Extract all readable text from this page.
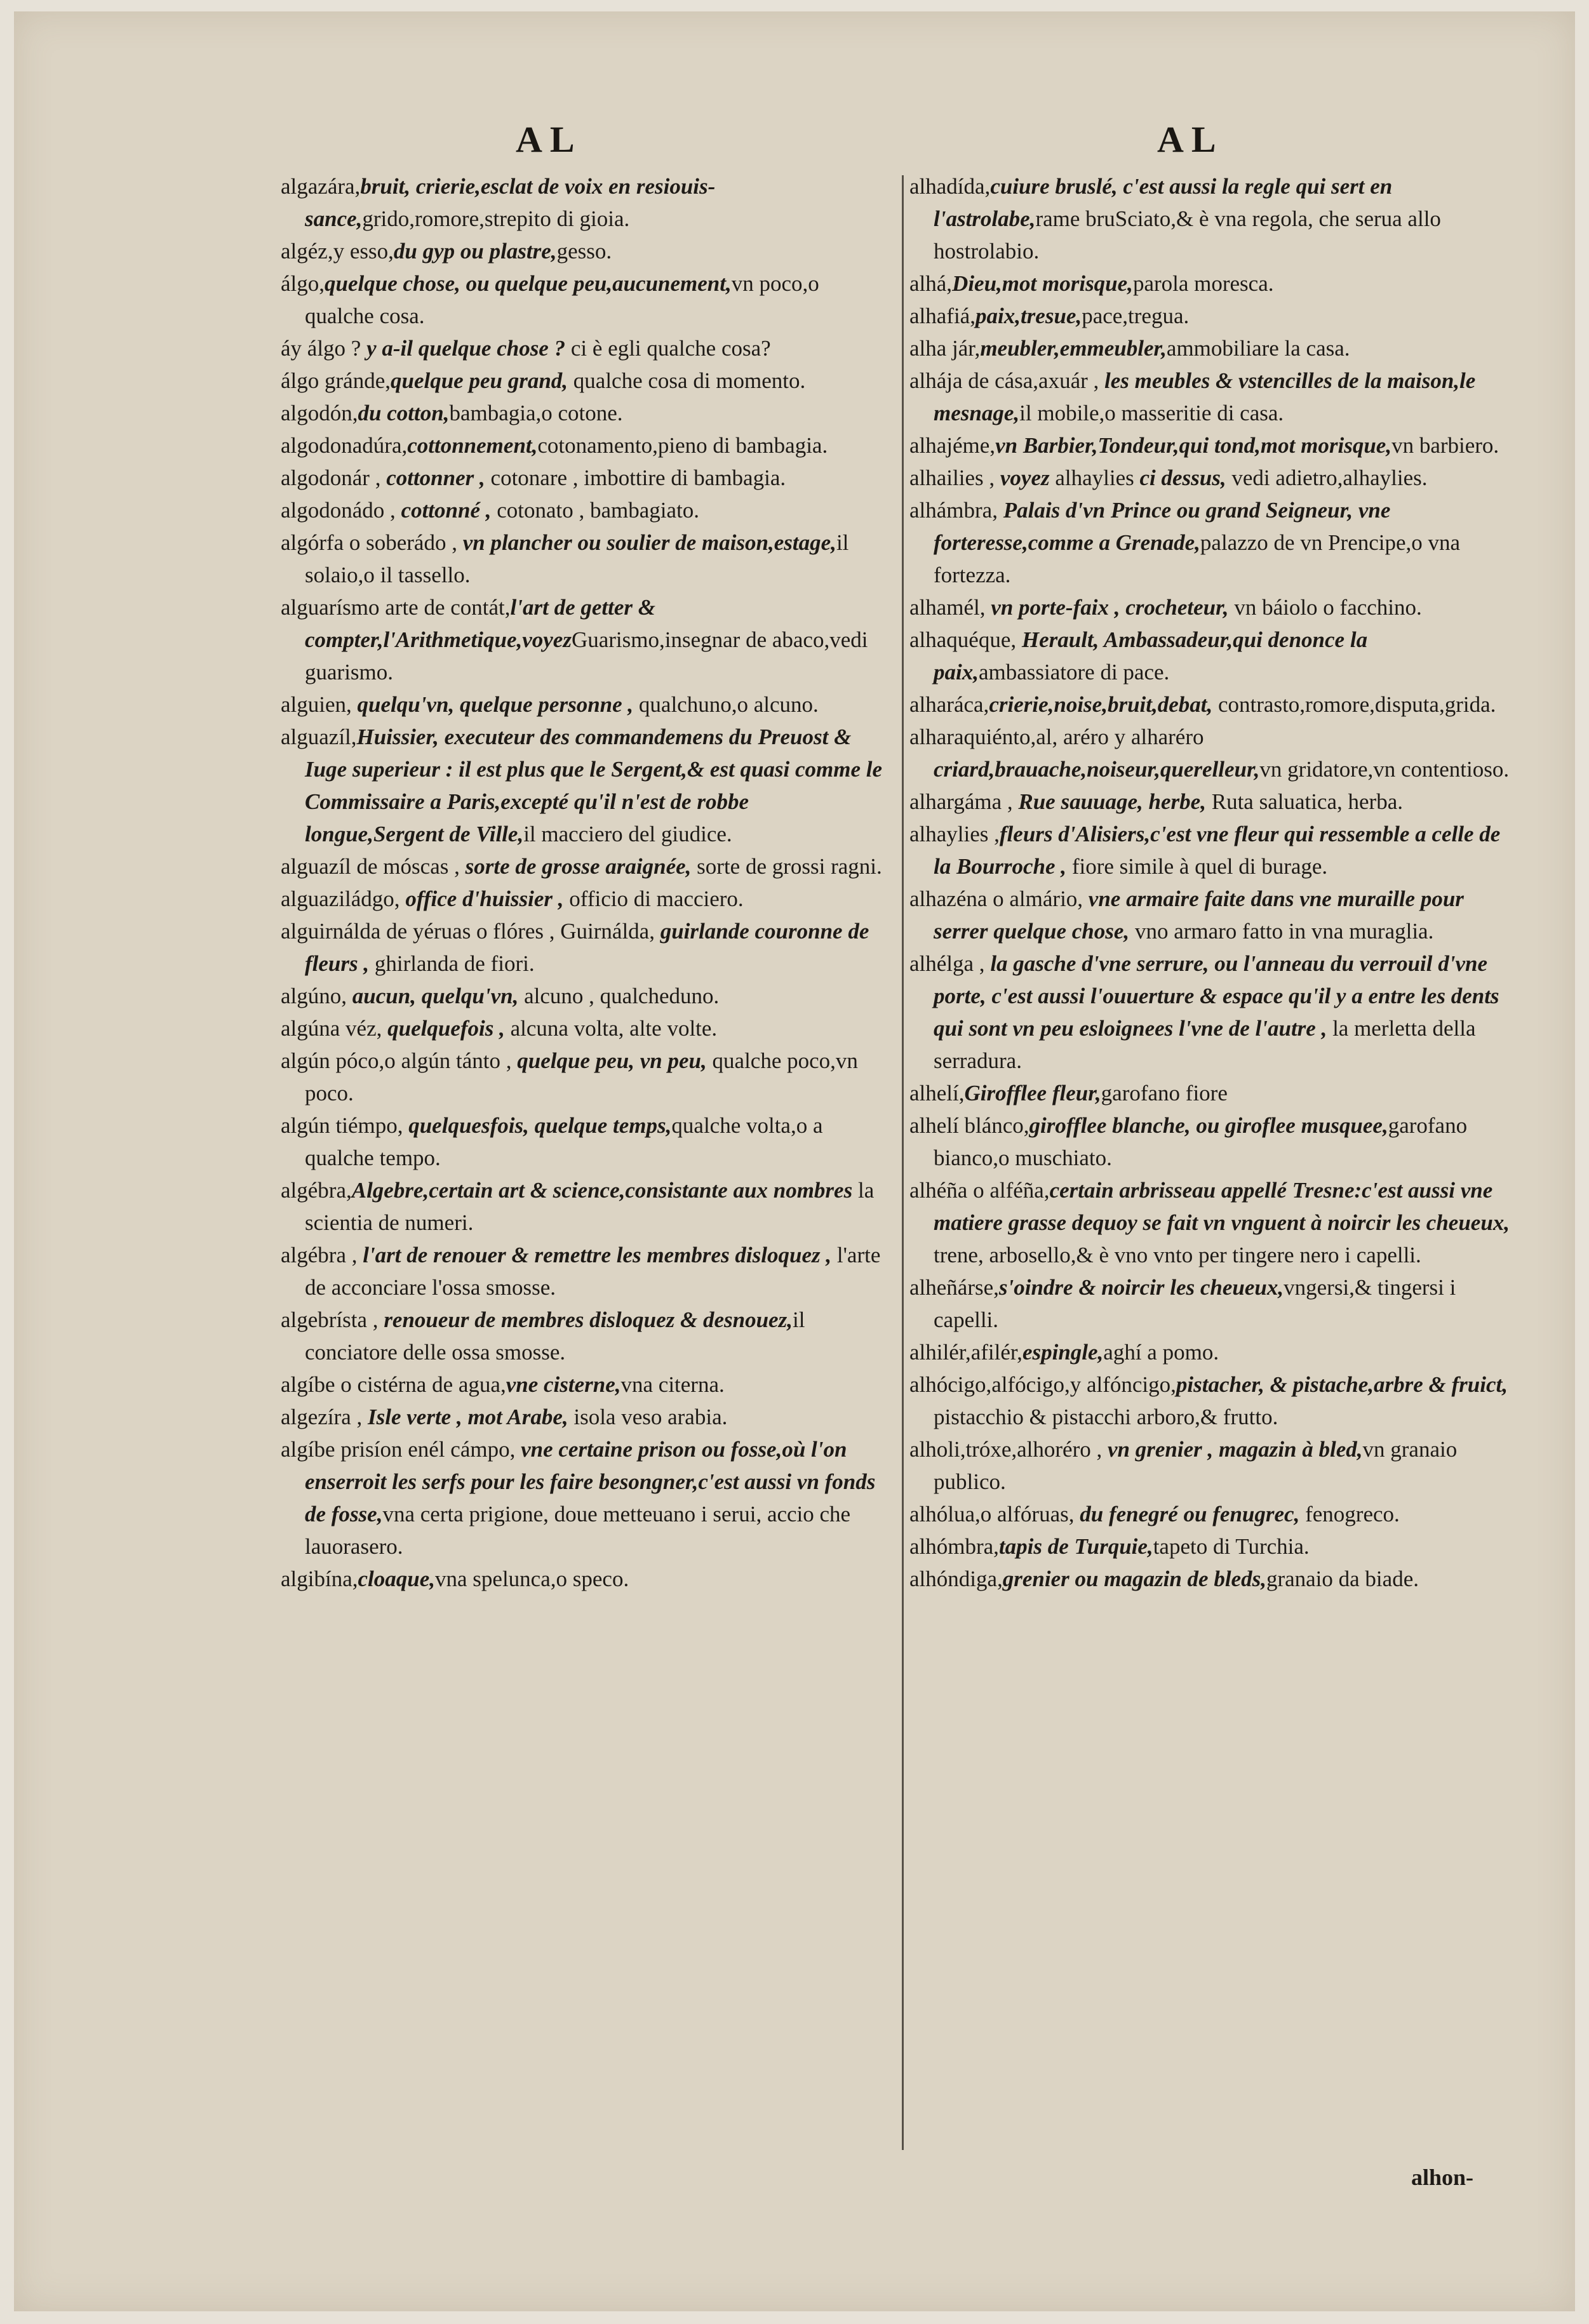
AL	AL

algazára,bruit, crierie,esclat de voix en resiouis-sance,grido,romore,strepito di gioia.

algéz,y esso,du gyp ou plastre,gesso.

álgo,quelque chose, ou quelque peu,aucunement,vn poco,o qualche cosa.

áy álgo ? y a-il quelque chose ? ci è egli qualche cosa?

álgo gránde,quelque peu grand, qualche cosa di momento.

algodón,du cotton,bambagia,o cotone.

algodonadúra,cottonnement,cotonamento,pieno di bambagia.

algodonár , cottonner , cotonare , imbottire di bambagia.

algodonádo , cottonné , cotonato , bambagiato.

algórfa o soberádo , vn plancher ou soulier de maison,estage,il solaio,o il tassello.

alguarísmo arte de contát,l'art de getter & compter,l'Arithmetique,voyezGuarismo,insegnar de abaco,vedi guarismo.

alguien, quelqu'vn, quelque personne , qualchuno,o alcuno.

alguazíl,Huissier, executeur des commandemens du Preuost & Iuge superieur : il est plus que le Sergent,& est quasi comme le Commissaire a Paris,excepté qu'il n'est de robbe longue,Sergent de Ville,il macciero del giudice.

alguazíl de móscas , sorte de grosse araignée, sorte de grossi ragni.

alguaziládgo, office d'huissier , officio di macciero.

alguirnálda de yéruas o flóres , Guirnálda, guirlande couronne de fleurs , ghirlanda de fiori.

algúno, aucun, quelqu'vn, alcuno , qualcheduno.

algúna véz, quelquefois , alcuna volta, alte volte.

algún póco,o algún tánto , quelque peu, vn peu, qualche poco,vn poco.

algún tiémpo, quelquesfois, quelque temps,qualche volta,o a qualche tempo.

algébra,Algebre,certain art & science,consistante aux nombres la scientia de numeri.

algébra , l'art de renouer & remettre les membres disloquez , l'arte de acconciare l'ossa smosse.

algebrísta , renoueur de membres disloquez & desnouez,il conciatore delle ossa smosse.

algíbe o cistérna de agua,vne cisterne,vna citerna.

algezíra , Isle verte , mot Arabe, isola veso arabia.

algíbe prisíon enél cámpo, vne certaine prison ou fosse,où l'on enserroit les serfs pour les faire besongner,c'est aussi vn fonds de fosse,vna certa prigione, doue metteuano i serui, accio che lauorasero.

algibína,cloaque,vna spelunca,o speco.

alhadída,cuiure bruslé, c'est aussi la regle qui sert en l'astrolabe,rame bruSciato,& è vna regola, che serua allo hostrolabio.

alhá,Dieu,mot morisque,parola moresca.

alhafiá,paix,tresue,pace,tregua.

alha jár,meubler,emmeubler,ammobiliare la casa.

alhája de cása,axuár , les meubles & vstencilles de la maison,le mesnage,il mobile,o masseritie di casa.

alhajéme,vn Barbier,Tondeur,qui tond,mot morisque,vn barbiero.

alhailies , voyez alhaylies ci dessus, vedi adietro,alhaylies.

alhámbra, Palais d'vn Prince ou grand Seigneur, vne forteresse,comme a Grenade,palazzo de vn Prencipe,o vna fortezza.

alhamél, vn porte-faix , crocheteur, vn báiolo o facchino.

alhaquéque, Herault, Ambassadeur,qui denonce la paix,ambassiatore di pace.

alharáca,crierie,noise,bruit,debat, contrasto,romore,disputa,grida.

alharaquiénto,al, aréro y alharéro criard,brauache,noiseur,querelleur,vn gridatore,vn contentioso.

alhargáma , Rue sauuage, herbe, Ruta saluatica, herba.

alhaylies ,fleurs d'Alisiers,c'est vne fleur qui ressemble a celle de la Bourroche , fiore simile à quel di burage.

alhazéna o almário, vne armaire faite dans vne muraille pour serrer quelque chose, vno armaro fatto in vna muraglia.

alhélga , la gasche d'vne serrure, ou l'anneau du verrouil d'vne porte, c'est aussi l'ouuerture & espace qu'il y a entre les dents qui sont vn peu esloignees l'vne de l'autre , la merletta della serradura.

alhelí,Girofflee fleur,garofano fiore

alhelí blánco,girofflee blanche, ou giroflee musquee,garofano bianco,o muschiato.

alhéña o alféña,certain arbrisseau appellé Tresne:c'est aussi vne matiere grasse dequoy se fait vn vnguent à noircir les cheueux, trene, arbosello,& è vno vnto per tingere nero i capelli.

alheñárse,s'oindre & noircir les cheueux,vngersi,& tingersi i capelli.

alhilér,afilér,espingle,aghí a pomo.

alhócigo,alfócigo,y alfóncigo,pistacher, & pistache,arbre & fruict, pistacchio & pistacchi arboro,& frutto.

alholi,tróxe,alhoréro , vn grenier , magazin à bled,vn granaio publico.

alhólua,o alfóruas, du fenegré ou fenugrec, fenogreco.

alhómbra,tapis de Turquie,tapeto di Turchia.

alhóndiga,grenier ou magazin de bleds,granaio da biade.

alhon-
